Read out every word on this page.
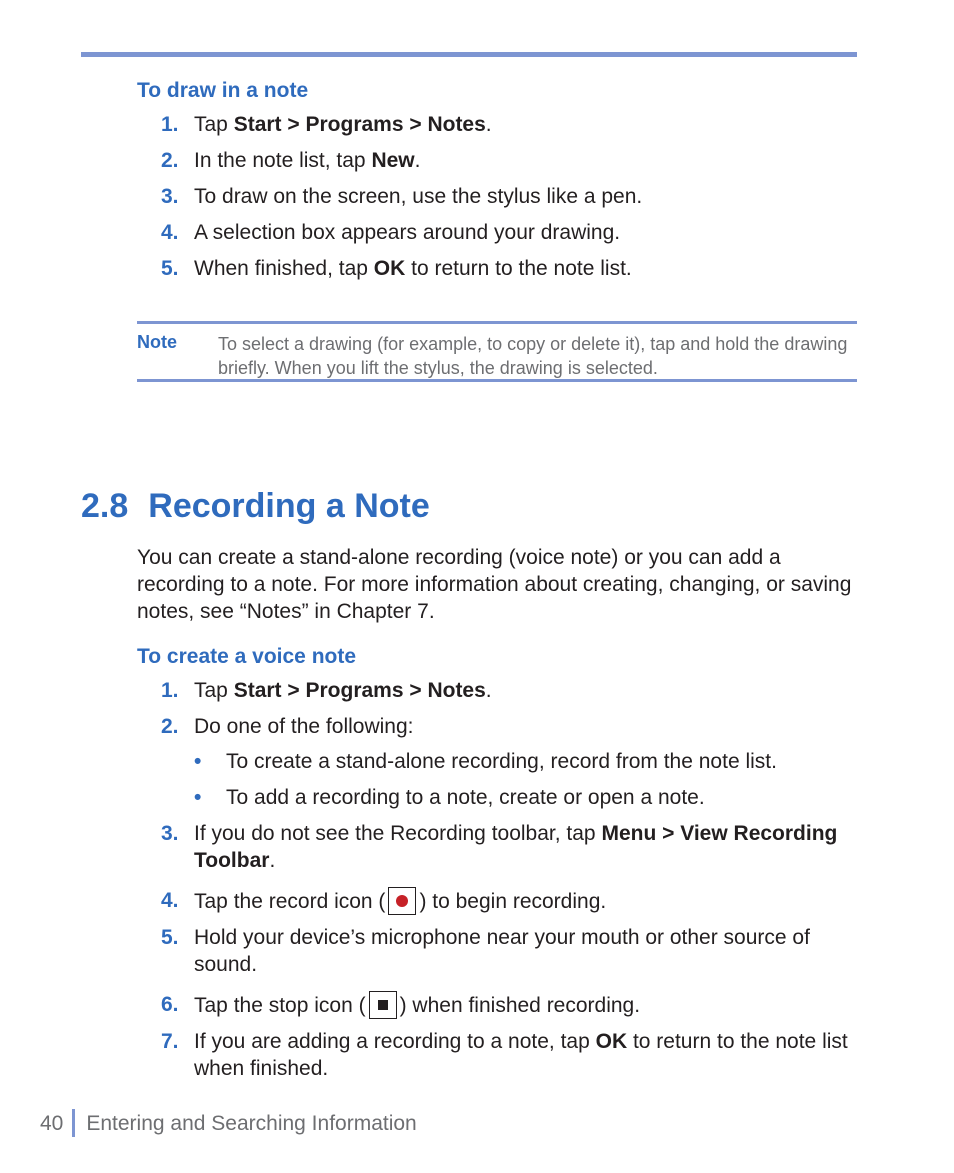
To draw in a note
1. Tap Start > Programs > Notes.
2. In the note list, tap New.
3. To draw on the screen, use the stylus like a pen.
4. A selection box appears around your drawing.
5. When finished, tap OK to return to the note list.
Note To select a drawing (for example, to copy or delete it), tap and hold the drawing briefly. When you lift the stylus, the drawing is selected.

2.8 Recording a Note

You can create a stand-alone recording (voice note) or you can add a recording to a note. For more information about creating, changing, or saving notes, see “Notes” in Chapter 7.

To create a voice note
1. Tap Start > Programs > Notes.
2. Do one of the following:
• To create a stand-alone recording, record from the note list.
• To add a recording to a note, create or open a note.
3. If you do not see the Recording toolbar, tap Menu > View Recording Toolbar.
4. Tap the record icon ( ) to begin recording.
5. Hold your device’s microphone near your mouth or other source of sound.
6. Tap the stop icon ( ) when finished recording.
7. If you are adding a recording to a note, tap OK to return to the note list when finished.
40 Entering and Searching Information
